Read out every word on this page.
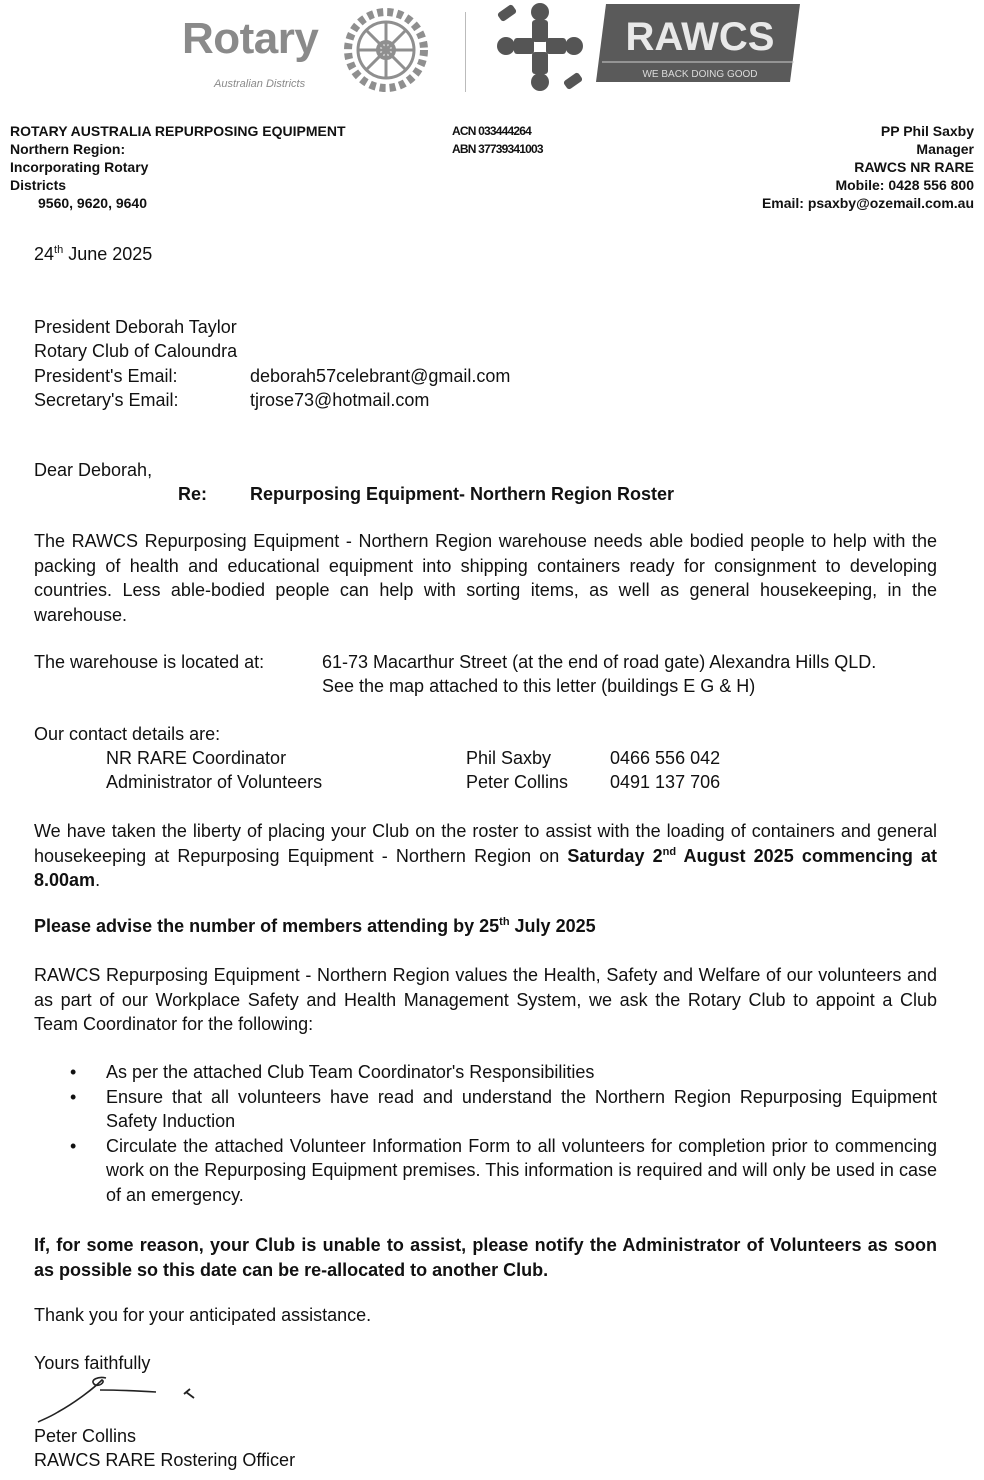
Rotary
Australian Districts
RAWCS
WE BACK DOING GOOD
ROTARY AUSTRALIA REPURPOSING EQUIPMENT
Northern Region:
Incorporating Rotary
Districts
9560, 9620, 9640
ACN 033444264
ABN 37739341003
PP Phil Saxby
Manager
RAWCS NR RARE
Mobile: 0428 556 800
Email: psaxby@ozemail.com.au
24th June 2025
President Deborah Taylor
Rotary Club of Caloundra
President's Email:	deborah57celebrant@gmail.com
Secretary's Email:	tjrose73@hotmail.com
Dear Deborah,
Re: Repurposing Equipment- Northern Region Roster
The RAWCS Repurposing Equipment - Northern Region warehouse needs able bodied people to help with the packing of health and educational equipment into shipping containers ready for consignment to developing countries. Less able-bodied people can help with sorting items, as well as general housekeeping, in the warehouse.
The warehouse is located at:	61-73 Macarthur Street (at the end of road gate) Alexandra Hills QLD.
See the map attached to this letter (buildings E G & H)
Our contact details are:
NR RARE Coordinator	Phil Saxby	0466 556 042
Administrator of Volunteers	Peter Collins 0491 137 706
We have taken the liberty of placing your Club on the roster to assist with the loading of containers and general housekeeping at Repurposing Equipment - Northern Region on Saturday 2nd August 2025 commencing at 8.00am.
Please advise the number of members attending by 25th July 2025
RAWCS Repurposing Equipment - Northern Region values the Health, Safety and Welfare of our volunteers and as part of our Workplace Safety and Health Management System, we ask the Rotary Club to appoint a Club Team Coordinator for the following:
• As per the attached Club Team Coordinator's Responsibilities
• Ensure that all volunteers have read and understand the Northern Region Repurposing Equipment Safety Induction
• Circulate the attached Volunteer Information Form to all volunteers for completion prior to commencing work on the Repurposing Equipment premises. This information is required and will only be used in case of an emergency.
If, for some reason, your Club is unable to assist, please notify the Administrator of Volunteers as soon as possible so this date can be re-allocated to another Club.
Thank you for your anticipated assistance.
Yours faithfully
Peter Collins
RAWCS RARE Rostering Officer
